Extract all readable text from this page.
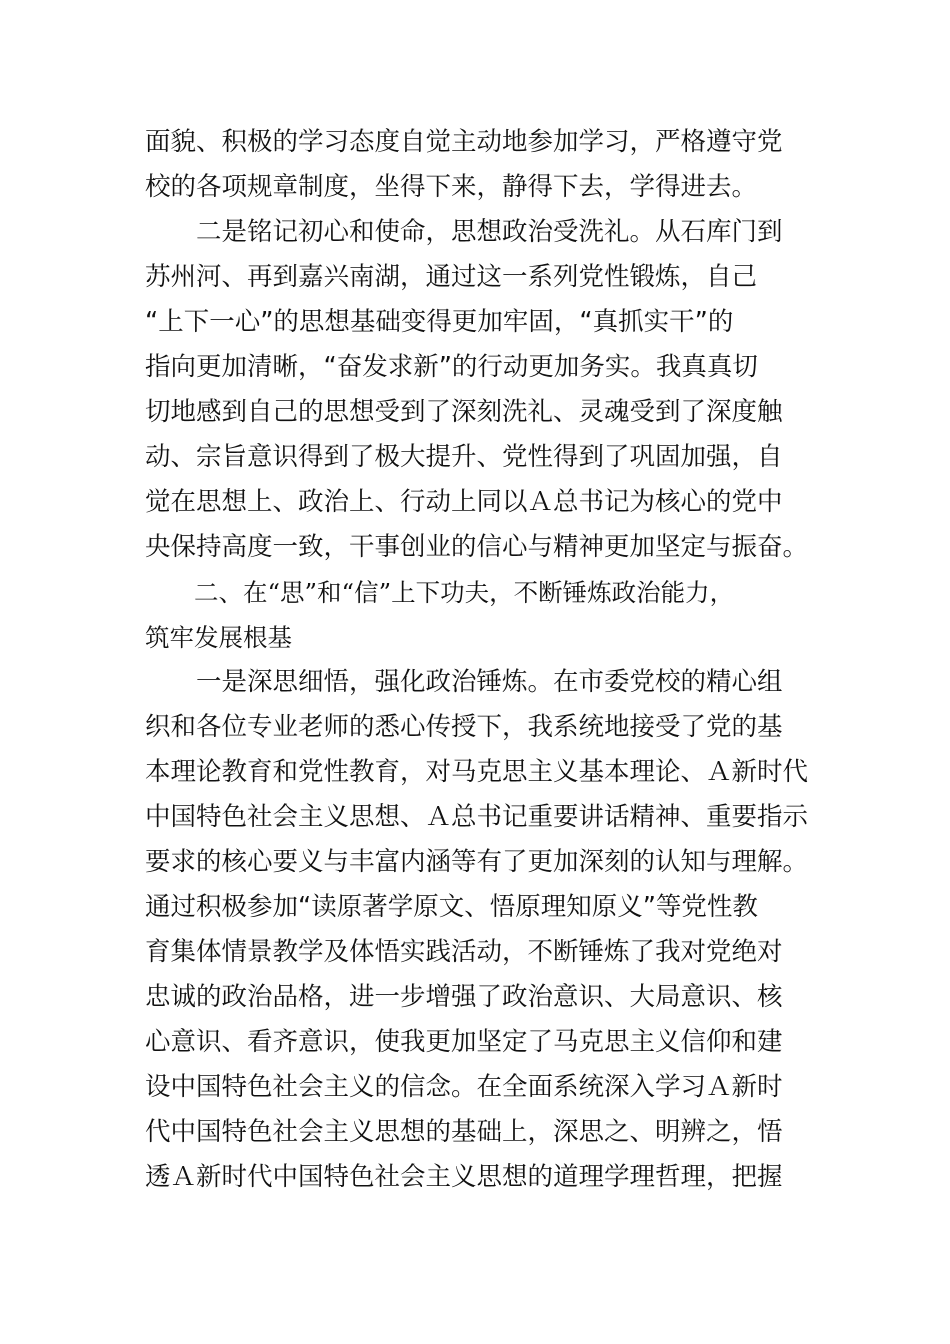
面貌、积极的学习态度自觉主动地参加学习，严格遵守党
校的各项规章制度，坐得下来，静得下去，学得进去。
　　二是铭记初心和使命，思想政治受洗礼。从石库门到
苏州河、再到嘉兴南湖，通过这一系列党性锻炼，自己
“上下一心”的思想基础变得更加牢固，“真抓实干”的
指向更加清晰，“奋发求新”的行动更加务实。我真真切
切地感到自己的思想受到了深刻洗礼、灵魂受到了深度触
动、宗旨意识得到了极大提升、党性得到了巩固加强，自
觉在思想上、政治上、行动上同以Ａ总书记为核心的党中
央保持高度一致，干事创业的信心与精神更加坚定与振奋。
　　二、在“思”和“信”上下功夫，不断锤炼政治能力，
筑牢发展根基
　　一是深思细悟，强化政治锤炼。在市委党校的精心组
织和各位专业老师的悉心传授下，我系统地接受了党的基
本理论教育和党性教育，对马克思主义基本理论、Ａ新时代
中国特色社会主义思想、Ａ总书记重要讲话精神、重要指示
要求的核心要义与丰富内涵等有了更加深刻的认知与理解。
通过积极参加“读原著学原文、悟原理知原义”等党性教
育集体情景教学及体悟实践活动，不断锤炼了我对党绝对
忠诚的政治品格，进一步增强了政治意识、大局意识、核
心意识、看齐意识，使我更加坚定了马克思主义信仰和建
设中国特色社会主义的信念。在全面系统深入学习Ａ新时
代中国特色社会主义思想的基础上，深思之、明辨之，悟
透Ａ新时代中国特色社会主义思想的道理学理哲理，把握
